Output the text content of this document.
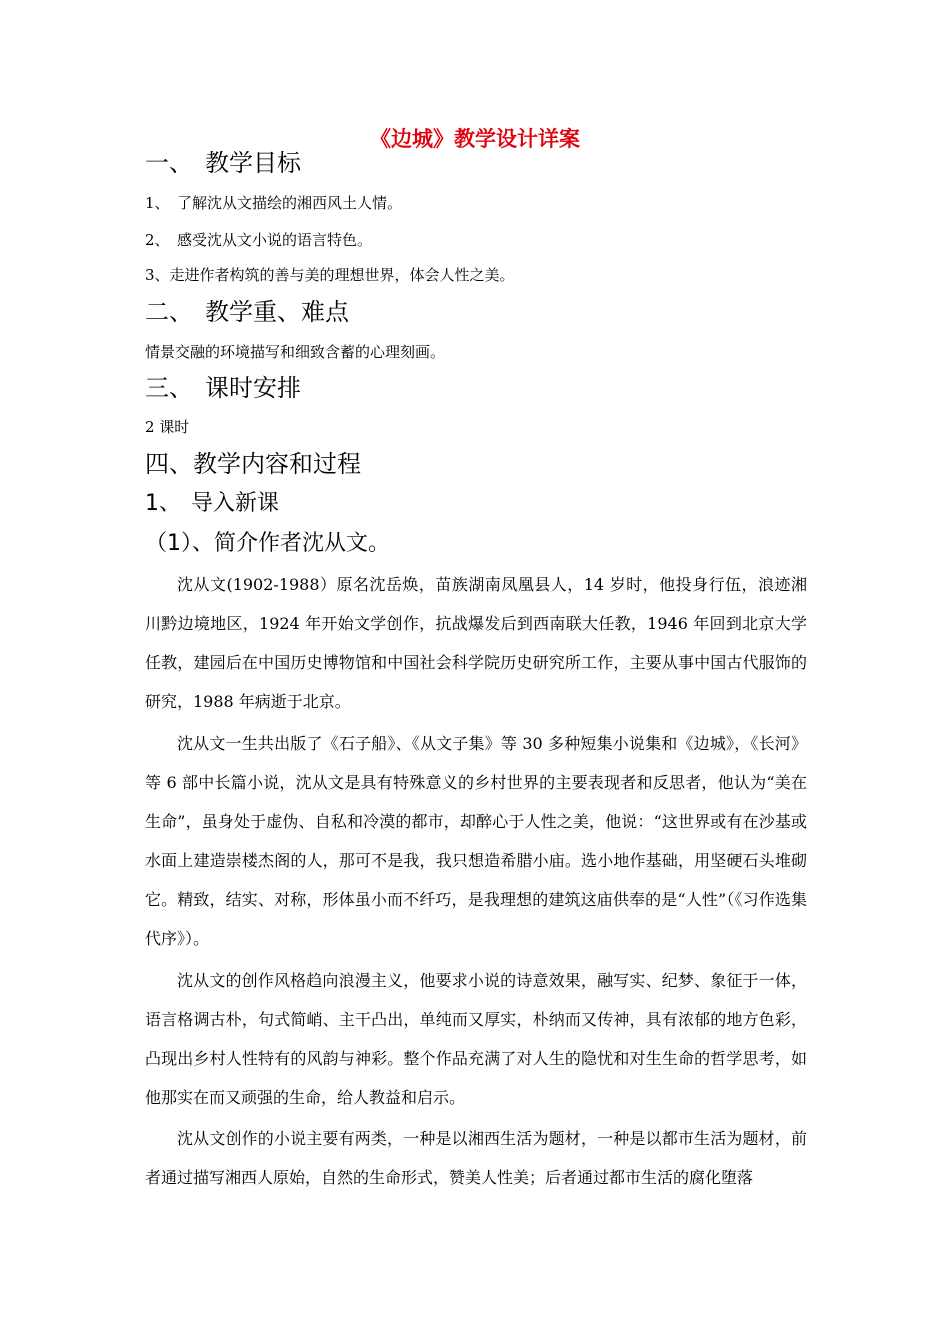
《边城》教学设计详案
一、 教学目标
1、 了解沈从文描绘的湘西风土人情。
2、 感受沈从文小说的语言特色。
3、走进作者构筑的善与美的理想世界，体会人性之美。
二、 教学重、难点
情景交融的环境描写和细致含蓄的心理刻画。
三、 课时安排
2 课时
四、教学内容和过程
1、 导入新课
（1）、简介作者沈从文。
沈从文(1902-1988）原名沈岳焕，苗族湖南凤凰县人，14 岁时，他投身行伍，浪迹湘川黔边境地区，1924 年开始文学创作，抗战爆发后到西南联大任教，1946 年回到北京大学任教，建园后在中国历史博物馆和中国社会科学院历史研究所工作，主要从事中国古代服饰的研究，1988 年病逝于北京。
沈从文一生共出版了《石子船》、《从文子集》等 30 多种短集小说集和《边城》，《长河》等 6 部中长篇小说，沈从文是具有特殊意义的乡村世界的主要表现者和反思者，他认为“美在生命”，虽身处于虚伪、自私和冷漠的都市，却醉心于人性之美，他说：“这世界或有在沙基或水面上建造崇楼杰阁的人，那可不是我，我只想造希腊小庙。选小地作基础，用坚硬石头堆砌它。精致，结实、对称，形体虽小而不纤巧，是我理想的建筑这庙供奉的是“人性”（《习作选集代序》）。
沈从文的创作风格趋向浪漫主义，他要求小说的诗意效果，融写实、纪梦、象征于一体，语言格调古朴，句式简峭、主干凸出，单纯而又厚实，朴纳而又传神，具有浓郁的地方色彩，凸现出乡村人性特有的风韵与神彩。整个作品充满了对人生的隐忧和对生生命的哲学思考，如他那实在而又顽强的生命，给人教益和启示。
沈从文创作的小说主要有两类，一种是以湘西生活为题材，一种是以都市生活为题材，前者通过描写湘西人原始，自然的生命形式，赞美人性美；后者通过都市生活的腐化堕落
